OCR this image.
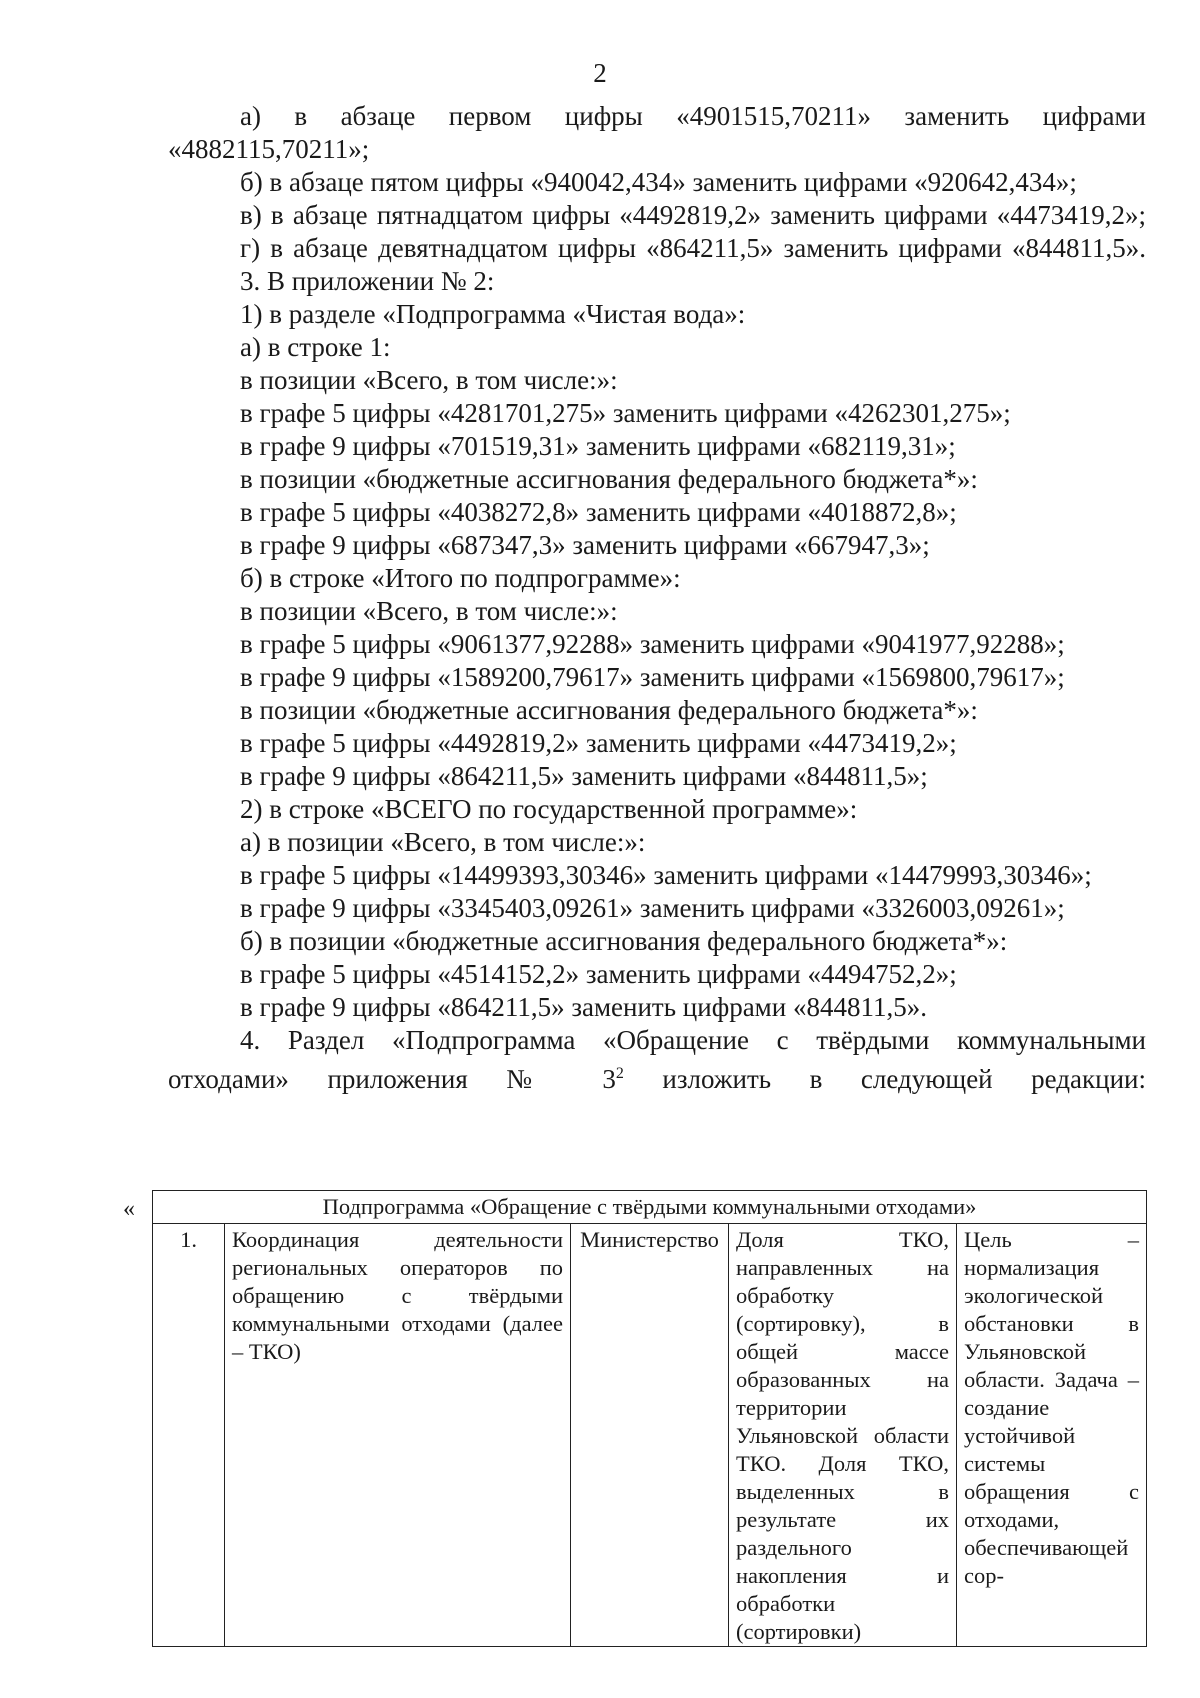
2

а) в абзаце первом цифры «4901515,70211» заменить цифрами «4882115,70211»;

б) в абзаце пятом цифры «940042,434» заменить цифрами «920642,434»;

в) в абзаце пятнадцатом цифры «4492819,2» заменить цифрами «4473419,2»;

г) в абзаце девятнадцатом цифры «864211,5» заменить цифрами «844811,5».

3. В приложении № 2:

1) в разделе «Подпрограмма «Чистая вода»:

а) в строке 1:

в позиции «Всего, в том числе:»:

в графе 5 цифры «4281701,275» заменить цифрами «4262301,275»;

в графе 9 цифры «701519,31» заменить цифрами «682119,31»;

в позиции «бюджетные ассигнования федерального бюджета*»:

в графе 5 цифры «4038272,8» заменить цифрами «4018872,8»;

в графе 9 цифры «687347,3» заменить цифрами «667947,3»;

б) в строке «Итого по подпрограмме»:

в позиции «Всего, в том числе:»:

в графе 5 цифры «9061377,92288» заменить цифрами «9041977,92288»;

в графе 9 цифры «1589200,79617» заменить цифрами «1569800,79617»;

в позиции «бюджетные ассигнования федерального бюджета*»:

в графе 5 цифры «4492819,2» заменить цифрами «4473419,2»;

в графе 9 цифры «864211,5» заменить цифрами «844811,5»;

2) в строке «ВСЕГО по государственной программе»:

а) в позиции «Всего, в том числе:»:

в графе 5 цифры «14499393,30346» заменить цифрами «14479993,30346»;

в графе 9 цифры «3345403,09261» заменить цифрами «3326003,09261»;

б) в позиции «бюджетные ассигнования федерального бюджета*»:

в графе 5 цифры «4514152,2» заменить цифрами «4494752,2»;

в графе 9 цифры «864211,5» заменить цифрами «844811,5».

4. Раздел «Подпрограмма «Обращение с твёрдыми коммунальными отходами» приложения № $3^2$ изложить в следующей редакции:

«	Подпрограмма «Обращение с твёрдыми коммунальными отходами»
1.	Координация деятельности региональных операторов по обращению с твёрдыми коммунальными отходами (далее – ТКО)	Министерство	Доля ТКО, направленных на обработку (сортировку), в общей массе образованных на территории Ульяновской области ТКО. Доля ТКО, выделенных в результате их раздельного накопления и обработки (сортировки)	Цель – нормализация экологической обстановки в Ульяновской области. Задача – создание устойчивой системы обращения с отходами, обеспечивающей сор-
